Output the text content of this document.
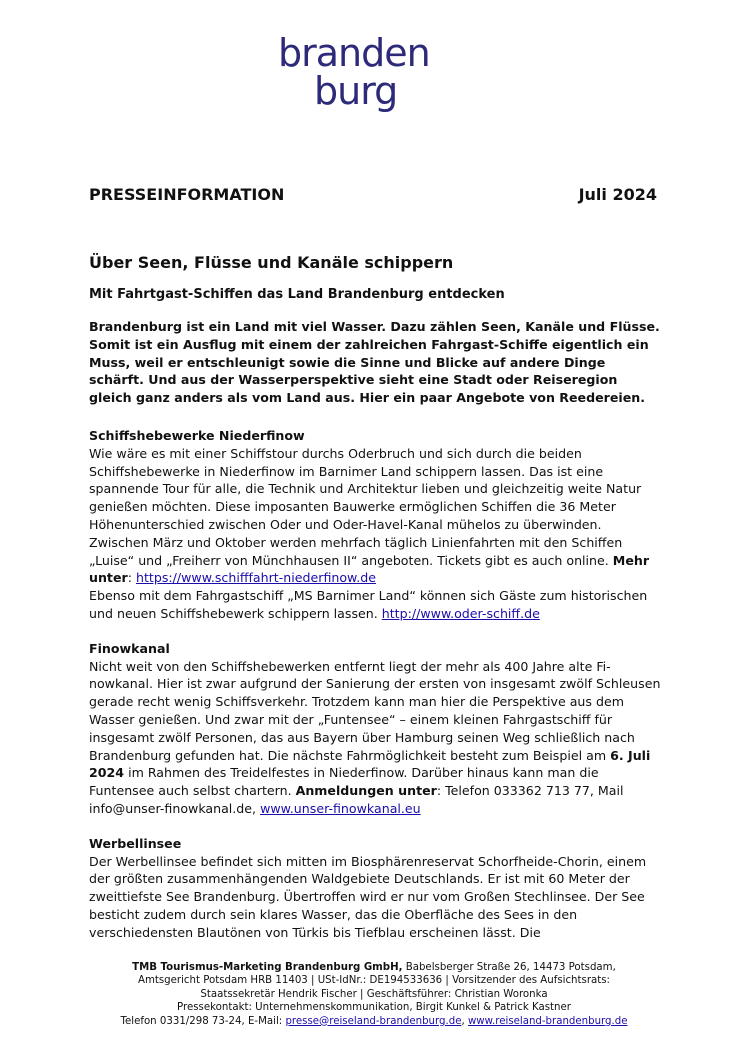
branden
burg
PRESSEINFORMATION	Juli 2024
Über Seen, Flüsse und Kanäle schippern
Mit Fahrtgast-Schiffen das Land Brandenburg entdecken

Brandenburg ist ein Land mit viel Wasser. Dazu zählen Seen, Kanäle und Flüsse. Somit ist ein Ausflug mit einem der zahlreichen Fahrgast-Schiffe eigentlich ein Muss, weil er entschleunigt sowie die Sinne und Blicke auf andere Dinge schärft. Und aus der Wasserperspektive sieht eine Stadt oder Reiseregion gleich ganz anders als vom Land aus. Hier ein paar Angebote von Reedereien.

Schiffshebewerke Niederfinow

Wie wäre es mit einer Schiffstour durchs Oderbruch und sich durch die beiden Schiffshebewerke in Niederfinow im Barnimer Land schippern lassen. Das ist eine spannende Tour für alle, die Technik und Architektur lieben und gleichzeitig weite Natur genießen möchten. Diese imposanten Bauwerke ermöglichen Schiffen die 36 Meter Höhenunterschied zwischen Oder und Oder-Havel-Kanal mühelos zu überwinden. Zwischen März und Oktober werden mehrfach täglich Linienfahrten mit den Schiffen „Luise“ und „Freiherr von Münchhausen II“ angeboten. Tickets gibt es auch online. Mehr unter: https://www.schifffahrt-niederfinow.de
Ebenso mit dem Fahrgastschiff „MS Barnimer Land“ können sich Gäste zum historischen und neuen Schiffshebewerk schippern lassen. http://www.oder-schiff.de

Finowkanal

Nicht weit von den Schiffshebewerken entfernt liegt der mehr als 400 Jahre alte Finowkanal. Hier ist zwar aufgrund der Sanierung der ersten von insgesamt zwölf Schleusen gerade recht wenig Schiffsverkehr. Trotzdem kann man hier die Perspektive aus dem Wasser genießen. Und zwar mit der „Funtensee“ – einem kleinen Fahrgastschiff für insgesamt zwölf Personen, das aus Bayern über Hamburg seinen Weg schließlich nach Brandenburg gefunden hat. Die nächste Fahrmöglichkeit besteht zum Beispiel am 6. Juli 2024 im Rahmen des Treidelfestes in Niederfinow. Darüber hinaus kann man die Funtensee auch selbst chartern. Anmeldungen unter: Telefon 033362 713 77, Mail info@unser-finowkanal.de, www.unser-finowkanal.eu

Werbellinsee

Der Werbellinsee befindet sich mitten im Biosphärenreservat Schorfheide-Chorin, einem der größten zusammenhängenden Waldgebiete Deutschlands. Er ist mit 60 Meter der zweittiefste See Brandenburg. Übertroffen wird er nur vom Großen Stechlinsee. Der See besticht zudem durch sein klares Wasser, das die Oberfläche des Sees in den verschiedensten Blautönen von Türkis bis Tiefblau erscheinen lässt. Die

TMB Tourismus-Marketing Brandenburg GmbH, Babelsberger Straße 26, 14473 Potsdam,
Amtsgericht Potsdam HRB 11403 | USt-IdNr.: DE194533636 | Vorsitzender des Aufsichtsrats:
Staatssekretär Hendrik Fischer | Geschäftsführer: Christian Woronka
Pressekontakt: Unternehmenskommunikation, Birgit Kunkel & Patrick Kastner
Telefon 0331/298 73-24, E-Mail: presse@reiseland-brandenburg.de, www.reiseland-brandenburg.de
